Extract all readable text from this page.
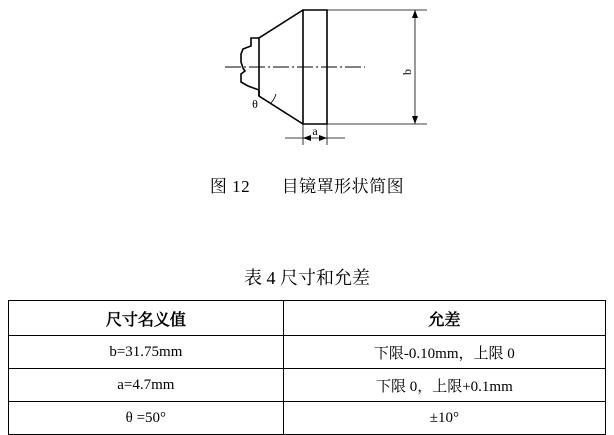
b
a
θ
图 12 目镜罩形状简图
表 4 尺寸和允差
尺寸名义值	允差
b=31.75mm	下限-0.10mm，上限 0
a=4.7mm	下限 0，上限+0.1mm
θ =50°	±10°
